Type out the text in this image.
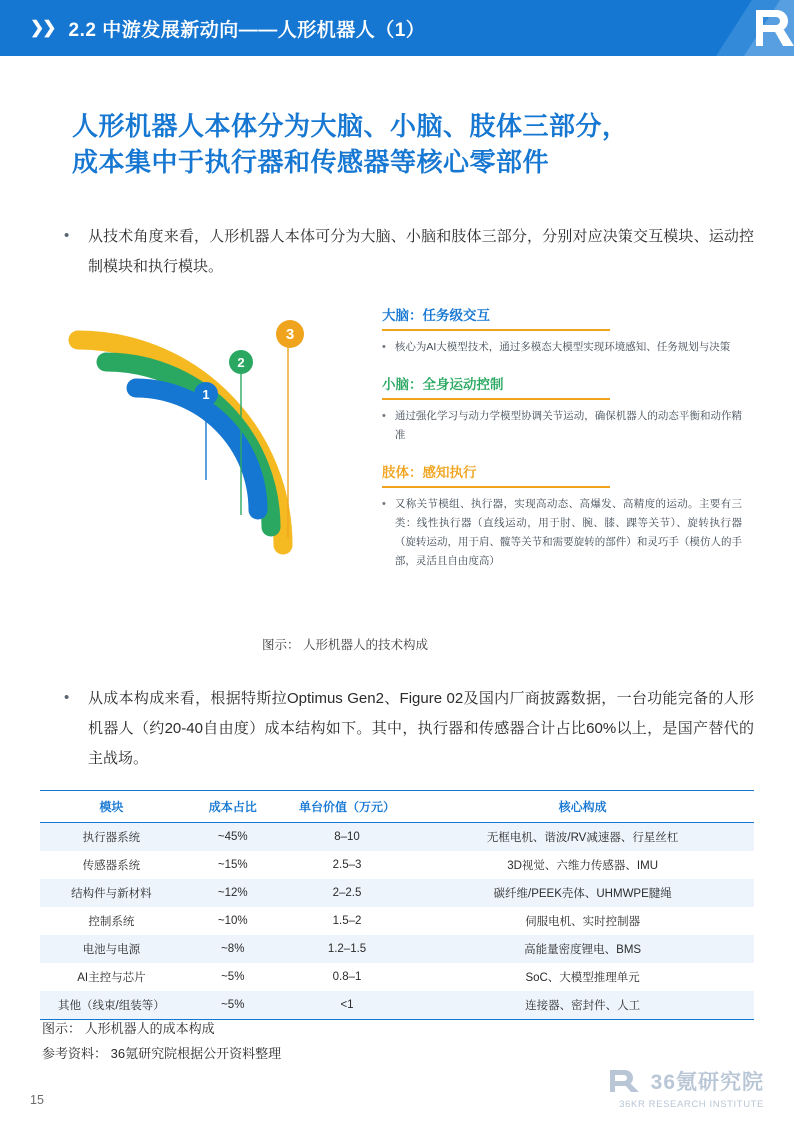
❯❯ 2.2 中游发展新动向——人形机器人（1）
人形机器人本体分为大脑、小脑、肢体三部分，
成本集中于执行器和传感器等核心零部件
• 从技术角度来看，人形机器人本体可分为大脑、小脑和肢体三部分，分别对应决策交互模块、运动控制模块和执行模块。
1
2
3
大脑：任务级交互
• 核心为AI大模型技术，通过多模态大模型实现环境感知、任务规划与决策
小脑：全身运动控制
• 通过强化学习与动力学模型协调关节运动，确保机器人的动态平衡和动作精准
肢体：感知执行
• 又称关节模组、执行器，实现高动态、高爆发、高精度的运动。主要有三类：线性执行器（直线运动，用于肘、腕、膝、踝等关节）、旋转执行器（旋转运动，用于肩、髋等关节和需要旋转的部件）和灵巧手（模仿人的手部，灵活且自由度高）
图示： 人形机器人的技术构成
• 从成本构成来看，根据特斯拉Optimus Gen2、Figure 02及国内厂商披露数据，一台功能完备的人形机器人（约20-40自由度）成本结构如下。其中，执行器和传感器合计占比60%以上，是国产替代的主战场。
模块	成本占比	单台价值（万元）	核心构成
执行器系统	~45%	8–10	无框电机、谐波/RV减速器、行星丝杠
传感器系统	~15%	2.5–3	3D视觉、六维力传感器、IMU
结构件与新材料	~12%	2–2.5	碳纤维/PEEK壳体、UHMWPE腱绳
控制系统	~10%	1.5–2	伺服电机、实时控制器
电池与电源	~8%	1.2–1.5	高能量密度锂电、BMS
AI主控与芯片	~5%	0.8–1	SoC、大模型推理单元
其他（线束/组装等）	~5%	<1	连接器、密封件、人工
图示： 人形机器人的成本构成
参考资料： 36氪研究院根据公开资料整理
15
36氪研究院
36KR RESEARCH INSTITUTE
